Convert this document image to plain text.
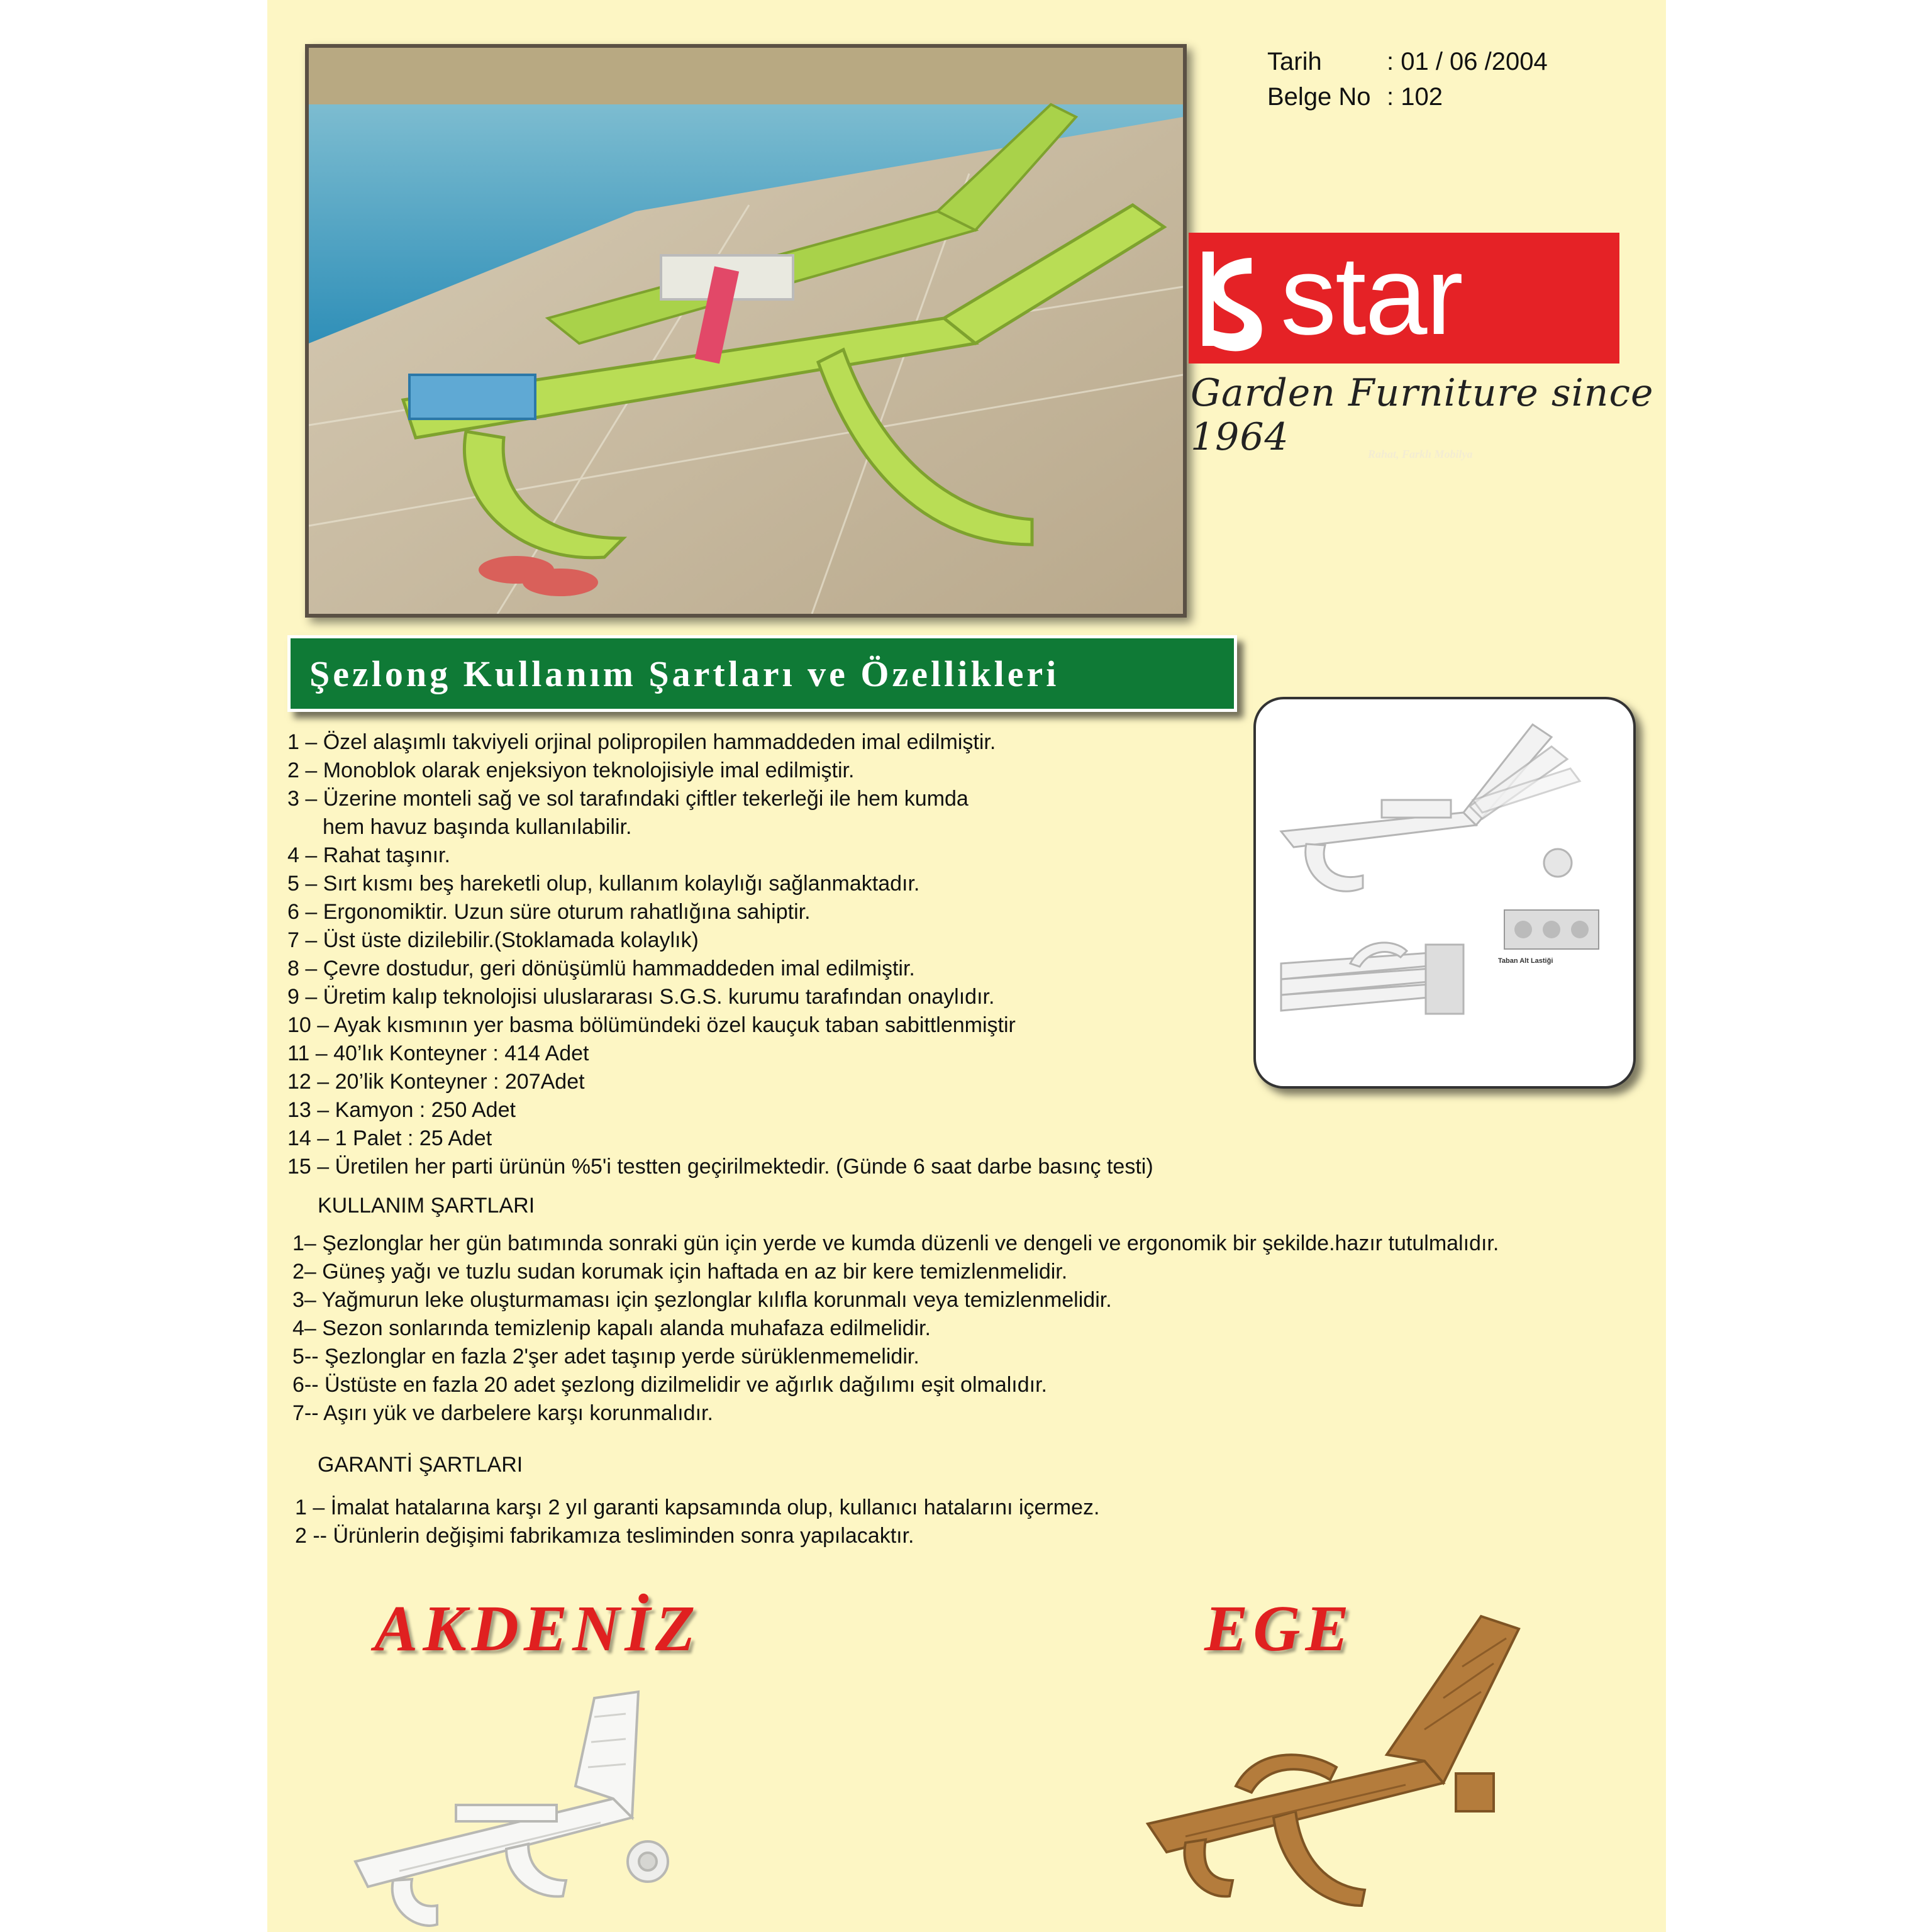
Tarih	: 01 / 06 /2004
Belge No : 102
star
Garden Furniture since 1964	Rahat, Farklı Mobilya
Şezlong Kullanım Şartları ve Özellikleri
1 – Özel alaşımlı takviyeli orjinal polipropilen hammaddeden imal edilmiştir.
2 – Monoblok olarak enjeksiyon teknolojisiyle imal edilmiştir.
3 – Üzerine monteli sağ ve sol tarafındaki çiftler tekerleği ile hem kumda
hem havuz başında kullanılabilir.
4 – Rahat taşınır.
5 – Sırt kısmı beş hareketli olup, kullanım kolaylığı sağlanmaktadır.
6 – Ergonomiktir. Uzun süre oturum rahatlığına sahiptir.
7 – Üst üste dizilebilir.(Stoklamada kolaylık)
8 – Çevre dostudur, geri dönüşümlü hammaddeden imal edilmiştir.
9 – Üretim kalıp teknolojisi uluslararası S.G.S. kurumu tarafından onaylıdır.
10 – Ayak kısmının yer basma bölümündeki özel kauçuk taban sabittlenmiştir
11 – 40’lık Konteyner : 414 Adet
12 – 20’lik Konteyner : 207Adet
13 – Kamyon : 250 Adet
14 – 1 Palet : 25 Adet
15 – Üretilen her parti ürünün %5'i testten geçirilmektedir. (Günde 6 saat darbe basınç testi)
Taban Alt Lastiği
KULLANIM ŞARTLARI
1– Şezlonglar her gün batımında sonraki gün için yerde ve kumda düzenli ve dengeli ve ergonomik bir şekilde.hazır tutulmalıdır.
2– Güneş yağı ve tuzlu sudan korumak için haftada en az bir kere temizlenmelidir.
3– Yağmurun leke oluşturmaması için şezlonglar kılıfla korunmalı veya temizlenmelidir.
4– Sezon sonlarında temizlenip kapalı alanda muhafaza edilmelidir.
5-- Şezlonglar en fazla 2'şer adet taşınıp yerde sürüklenmemelidir.
6-- Üstüste en fazla 20 adet şezlong dizilmelidir ve ağırlık dağılımı eşit olmalıdır.
7-- Aşırı yük ve darbelere karşı korunmalıdır.
GARANTİ ŞARTLARI
1 – İmalat hatalarına karşı 2 yıl garanti kapsamında olup, kullanıcı hatalarını içermez.
2 -- Ürünlerin değişimi fabrikamıza tesliminden sonra yapılacaktır.
AKDENİZ	EGE
